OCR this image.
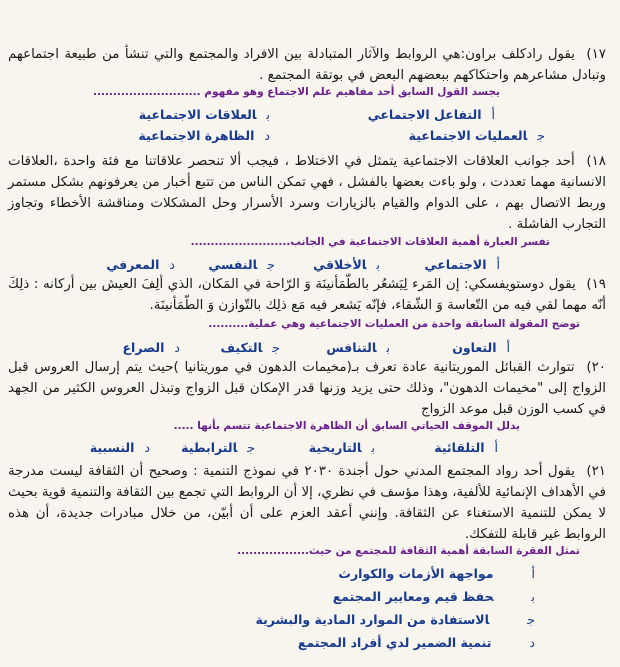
١٧) يقول رادكلف براون:هي الروابط والآثار المتبادلة بين الافراد والمجتمع والتي تنشأ من طبيعة اجتماعهم وتبادل مشاعرهم واحتكاكهم ببعضهم البعض في بوتقة المجتمع .
يجسد القول السابق أحد مفاهيم علم الاجتماع وهو مفهوم ...........................
أالتفاعل الاجتماعي
بالعلاقات الاجتماعية
جالعمليات الاجتماعية
دالظاهرة الاجتماعية
١٨) أحد جوانب العلاقات الاجتماعية يتمثل في الاختلاط ، فيجب ألا تنحصر علاقاتنا مع فئة واحدة ،العلاقات الانسانية مهما تعددت ، ولو باءت بعضها بالفشل ، فهي تمكن الناس من تتبع أخبار من يعرفونهم بشكل مستمر وربط الاتصال بهم ، على الدوام والقيام بالزيارات وسرد الأسرار وحل المشكلات ومناقشة الأخطاء وتجاوز التجارب الفاشلة .
تفسر العبارة أهمية العلاقات الاجتماعية في الجانب.........................
أالاجتماعي
بالأخلاقي
جالنفسي
دالمعرفي
١٩) يقول دوستويفسكي: إن المَرء لِيَشعُر بالطّمَأنينَة وَ الرّاحة في المَكان، الذي ألِفَ العيش بين أركانه : ذلِكَ أنّه مهما لقي فيه من التّعاسة وَ الشّقاء، فإنّه يَشعر فيه مَع ذلِك بالتّوازن وَ الطّمَأنينَة.
توضح المقولة السابقة واحدة من العمليات الاجتماعية وهي عملية..........
أالتعاون
بالتنافس
جالتكيف
دالصراع
٢٠) تتوارث القبائل الموريتانية عادة تعرف بـ(مخيمات الدهون في موريتانيا )حيث يتم إرسال العروس قبل الزواج إلى "مخيمات الدهون"، وذلك حتى يزيد وزنها قدر الإمكان قبل الزواج وتبذل العروس الكثير من الجهد في كسب الوزن قبل موعد الزواج
يدلل الموقف الحياتي السابق أن الظاهرة الاجتماعية تتسم بأنها .....
أالتلقائية
بالتاريخية
جالترابطية
دالنسبية
٢١) يقول أحد رواد المجتمع المدني حول أجندة ٢٠٣٠ في نموذج التنمية : وصحيح أن الثقافة ليست مدرجة في الأهداف الإنمائية للألفية، وهذا مؤسف في نظري، إلا أن الروابط التي تجمع بين الثقافة والتنمية قوية بحيث لا يمكن للتنمية الاستغناء عن الثقافة. وإنني أعقد العزم على أن أبيّن، من خلال مبادرات جديدة، أن هذه الروابط غير قابلة للتفكك.
تمثل الفقرة السابقة أهمية الثقافة للمجتمع من حيث..................
أمواجهة الأزمات والكوارث
بحفظ قيم ومعايير المجتمع
جالاستفادة من الموارد المادية والبشرية
دتنمية الضمير لدي أفراد المجتمع
